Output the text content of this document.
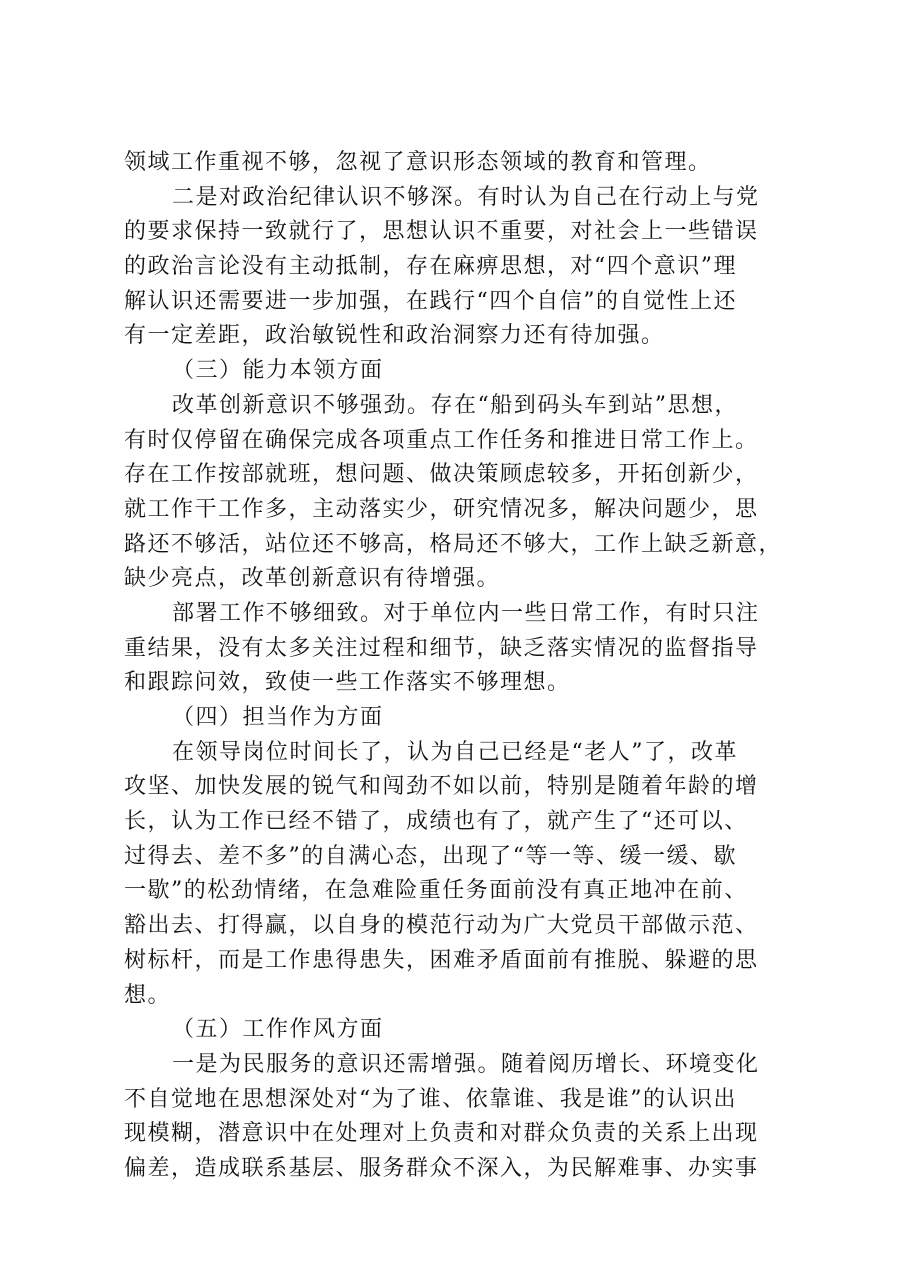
领域工作重视不够，忽视了意识形态领域的教育和管理。
二是对政治纪律认识不够深。有时认为自己在行动上与党
的要求保持一致就行了，思想认识不重要，对社会上一些错误
的政治言论没有主动抵制，存在麻痹思想，对“四个意识”理
解认识还需要进一步加强，在践行“四个自信”的自觉性上还
有一定差距，政治敏锐性和政治洞察力还有待加强。
（三）能力本领方面
改革创新意识不够强劲。存在“船到码头车到站”思想，
有时仅停留在确保完成各项重点工作任务和推进日常工作上。
存在工作按部就班，想问题、做决策顾虑较多，开拓创新少，
就工作干工作多，主动落实少，研究情况多，解决问题少，思
路还不够活，站位还不够高，格局还不够大，工作上缺乏新意，
缺少亮点，改革创新意识有待增强。
部署工作不够细致。对于单位内一些日常工作，有时只注
重结果，没有太多关注过程和细节，缺乏落实情况的监督指导
和跟踪问效，致使一些工作落实不够理想。
（四）担当作为方面
在领导岗位时间长了，认为自己已经是“老人”了，改革
攻坚、加快发展的锐气和闯劲不如以前，特别是随着年龄的增
长，认为工作已经不错了，成绩也有了，就产生了“还可以、
过得去、差不多”的自满心态，出现了“等一等、缓一缓、歇
一歇”的松劲情绪，在急难险重任务面前没有真正地冲在前、
豁出去、打得赢，以自身的模范行动为广大党员干部做示范、
树标杆，而是工作患得患失，困难矛盾面前有推脱、躲避的思
想。
（五）工作作风方面
一是为民服务的意识还需增强。随着阅历增长、环境变化
不自觉地在思想深处对“为了谁、依靠谁、我是谁”的认识出
现模糊，潜意识中在处理对上负责和对群众负责的关系上出现
偏差，造成联系基层、服务群众不深入，为民解难事、办实事
